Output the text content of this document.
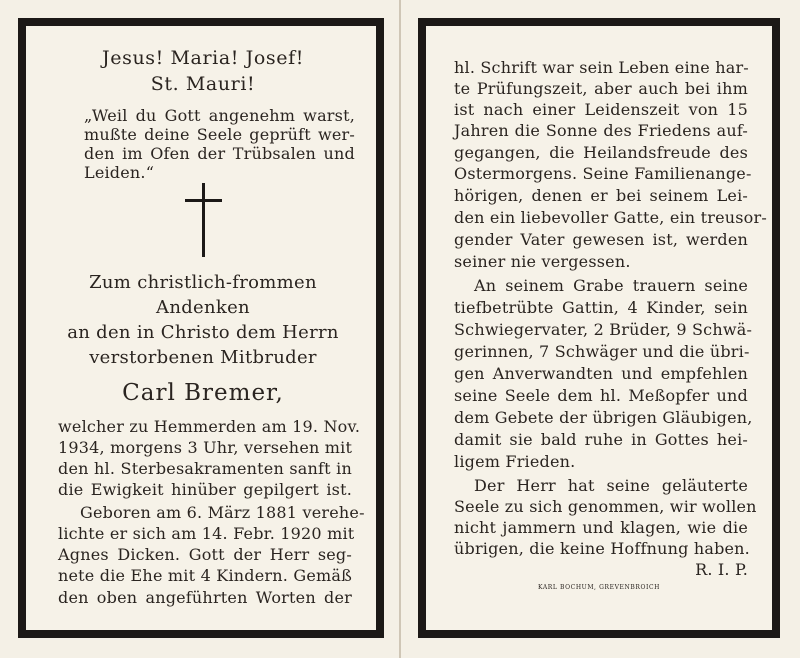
Jesus! Maria! Josef!
St. Mauri!
„Weil du Gott angenehm warst,
mußte deine Seele geprüft wer-
den im Ofen der Trübsalen und
Leiden.“
Zum christlich-frommen
Andenken
an den in Christo dem Herrn
verstorbenen Mitbruder
Carl Bremer,
welcher zu Hemmerden am 19. Nov.
1934, morgens 3 Uhr, versehen mit
den hl. Sterbesakramenten sanft in
die Ewigkeit hinüber gepilgert ist.
Geboren am 6. März 1881 verehe-
lichte er sich am 14. Febr. 1920 mit
Agnes Dicken. Gott der Herr seg-
nete die Ehe mit 4 Kindern. Gemäß
den oben angeführten Worten der
hl. Schrift war sein Leben eine har-
te Prüfungszeit, aber auch bei ihm
ist nach einer Leidenszeit von 15
Jahren die Sonne des Friedens auf-
gegangen, die Heilandsfreude des
Ostermorgens. Seine Familienange-
hörigen, denen er bei seinem Lei-
den ein liebevoller Gatte, ein treusor-
gender Vater gewesen ist, werden
seiner nie vergessen.
An seinem Grabe trauern seine
tiefbetrübte Gattin, 4 Kinder, sein
Schwiegervater, 2 Brüder, 9 Schwä-
gerinnen, 7 Schwäger und die übri-
gen Anverwandten und empfehlen
seine Seele dem hl. Meßopfer und
dem Gebete der übrigen Gläubigen,
damit sie bald ruhe in Gottes hei-
ligem Frieden.
Der Herr hat seine geläuterte
Seele zu sich genommen, wir wollen
nicht jammern und klagen, wie die
übrigen, die keine Hoffnung haben.
R. I. P.
KARL BOCHUM, GREVENBROICH
